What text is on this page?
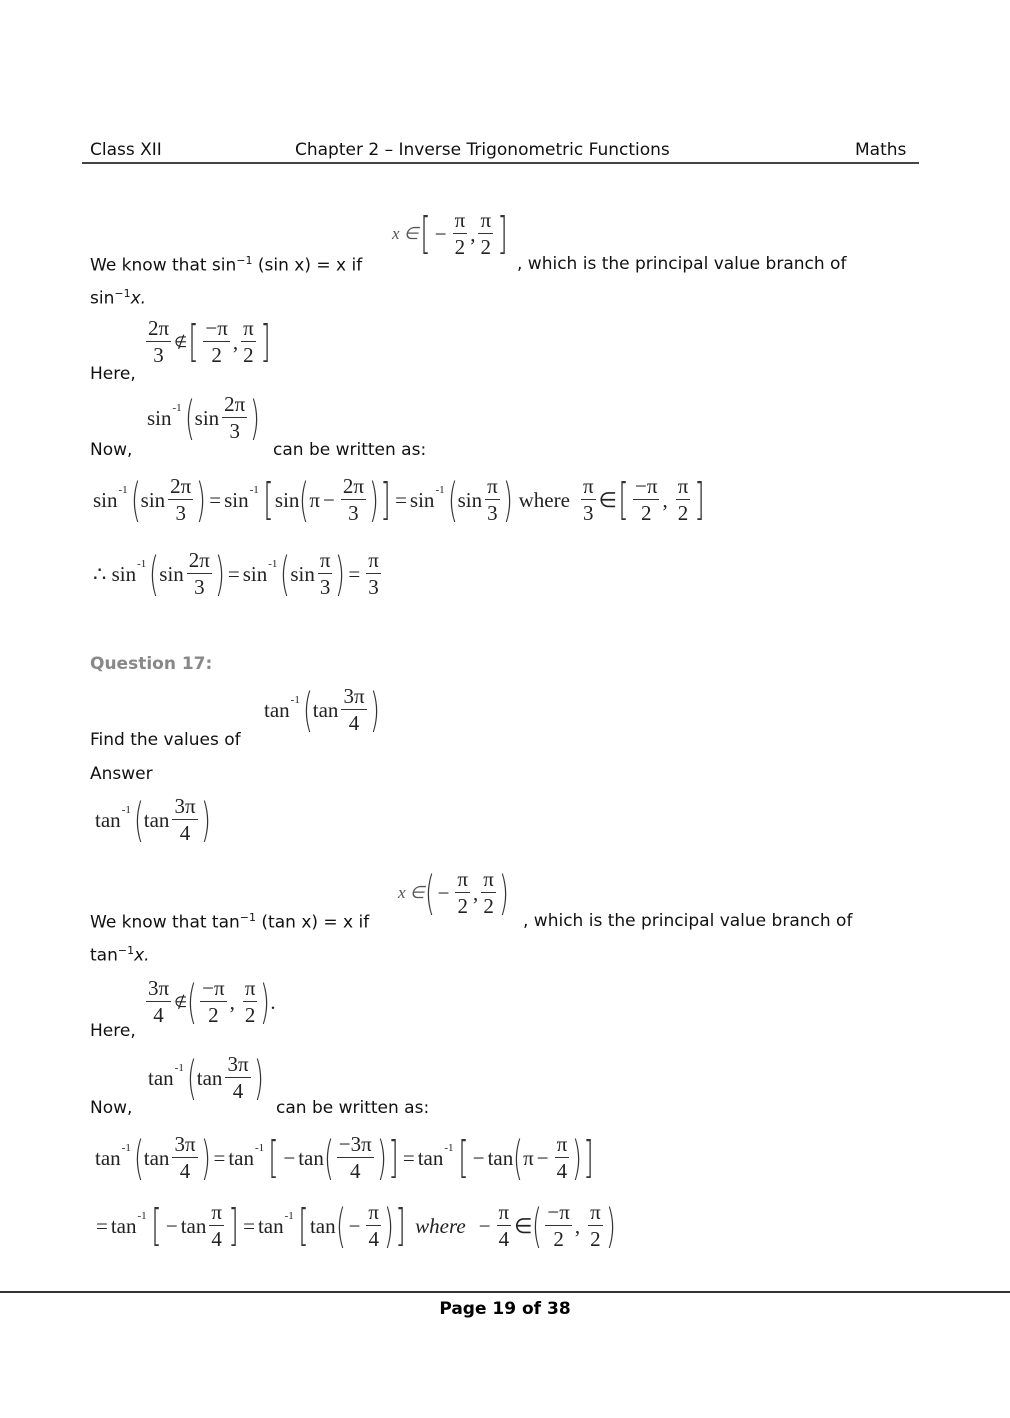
Class XII	Chapter 2 – Inverse Trigonometric Functions	Maths
We know that $\sin^{-1} (\sin$ x) = x if
x ∈ [ − $\frac{\pi}{2}$ , $\frac{\pi}{2}$ ]
, which is the principal value branch of
$\sin^{-1}x$.
Here,
$\frac{2\pi}{3}$ ∉ [ $\frac{-\pi}{2}$ , $\frac{\pi}{2}$ ]
Now,
sin -1 ( $\sin \frac{2\pi}{3}$ )
can be written as:
sin -1 ( $\sin \frac{2\pi}{3}$ ) = sin -1 [ sin ( $\pi - \frac{2\pi}{3}$ ) ] = sin -1 ( $\sin \frac{\pi}{3}$ ) where $\frac{\pi}{3}$ ∈ [ $\frac{-\pi}{2}$ , $\frac{\pi}{2}$ ]
∴
sin -1 ( $\sin \frac{2\pi}{3}$ ) = sin -1 ( $\sin \frac{\pi}{3}$ ) = $\frac{\pi}{3}$
Question 17:
Find the values of
tan -1 ( $\tan \frac{3\pi}{4}$ )
Answer
tan -1 ( $\tan \frac{3\pi}{4}$ )
We know that $\tan^{-1} (\tan$ x) = x if
x ∈ ( − $\frac{\pi}{2}$ , $\frac{\pi}{2}$ )
, which is the principal value branch of
$\tan^{-1}x$.
Here,
$\frac{3\pi}{4}$ ∉ ( $\frac{-\pi}{2}$ , $\frac{\pi}{2}$ ) .
Now,
tan -1 ( $\tan \frac{3\pi}{4}$ )
can be written as:
tan -1 ( $\tan \frac{3\pi}{4}$ ) = tan -1 [ − tan ( $\frac{-3\pi}{4}$ ) ] = tan -1 [ − tan ( $\pi - \frac{\pi}{4}$ ) ]
= tan -1 [ − $\tan \frac{\pi}{4}$ ] = tan -1 [ tan ( − $\frac{\pi}{4}$ ) ] where − $\frac{\pi}{4}$ ∈ ( $\frac{-\pi}{2}$ , $\frac{\pi}{2}$ )
Page 19 of 38
